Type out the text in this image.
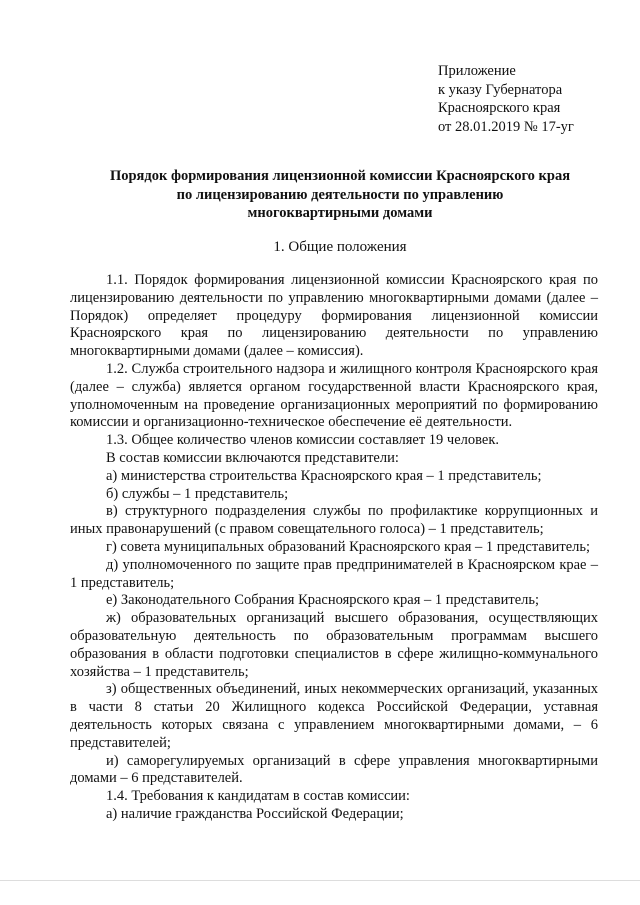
Приложение
к указу Губернатора
Красноярского края
от 28.01.2019 № 17-уг
Порядок формирования лицензионной комиссии Красноярского края
по лицензированию деятельности по управлению
многоквартирными домами
1. Общие положения

1.1. Порядок формирования лицензионной комиссии Красноярского края по лицензированию деятельности по управлению многоквартирными домами (далее – Порядок) определяет процедуру формирования лицензионной комиссии Красноярского края по лицензированию деятельности по управлению многоквартирными домами (далее – комиссия).

1.2. Служба строительного надзора и жилищного контроля Красноярского края (далее – служба) является органом государственной власти Красноярского края, уполномоченным на проведение организационных мероприятий по формированию комиссии и организационно-техническое обеспечение её деятельности.

1.3. Общее количество членов комиссии составляет 19 человек.

В состав комиссии включаются представители:

а) министерства строительства Красноярского края – 1 представитель;

б) службы – 1 представитель;

в) структурного подразделения службы по профилактике коррупционных и иных правонарушений (с правом совещательного голоса) – 1 представитель;

г) совета муниципальных образований Красноярского края – 1 представитель;

д) уполномоченного по защите прав предпринимателей в Красноярском крае – 1 представитель;

е) Законодательного Собрания Красноярского края – 1 представитель;

ж) образовательных организаций высшего образования, осуществляющих образовательную деятельность по образовательным программам высшего образования в области подготовки специалистов в сфере жилищно-коммунального хозяйства – 1 представитель;

з) общественных объединений, иных некоммерческих организаций, указанных в части 8 статьи 20 Жилищного кодекса Российской Федерации, уставная деятельность которых связана с управлением многоквартирными домами, – 6 представителей;

и) саморегулируемых организаций в сфере управления многоквартирными домами – 6 представителей.

1.4. Требования к кандидатам в состав комиссии:

а) наличие гражданства Российской Федерации;
